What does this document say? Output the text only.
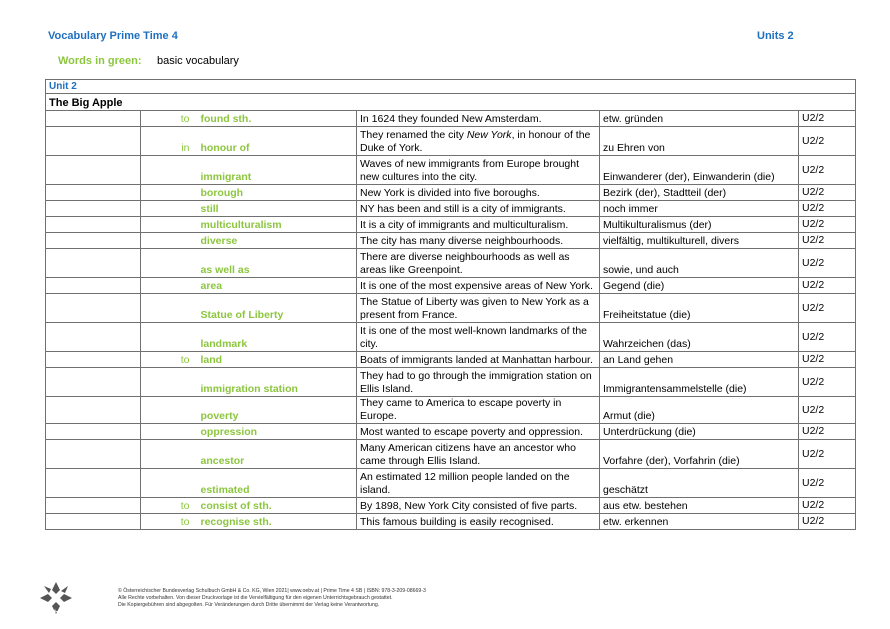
Vocabulary Prime Time 4	Units 2
Words in green: basic vocabulary
Unit 2					
The Big Apple					
	to	found sth.	In 1624 they founded New Amsterdam.	etw. gründen	U2/2
	in	honour of	They renamed the city New York, in honour of the Duke of York.	zu Ehren von	U2/2
		immigrant	Waves of new immigrants from Europe brought new cultures into the city.	Einwanderer (der), Einwanderin (die)	U2/2
		borough	New York is divided into five boroughs.	Bezirk (der), Stadtteil (der)	U2/2
		still	NY has been and still is a city of immigrants.	noch immer	U2/2
		multiculturalism	It is a city of immigrants and multiculturalism.	Multikulturalismus (der)	U2/2
		diverse	The city has many diverse neighbourhoods.	vielfältig, multikulturell, divers	U2/2
		as well as	There are diverse neighbourhoods as well as areas like Greenpoint.	sowie, und auch	U2/2
		area	It is one of the most expensive areas of New York.	Gegend (die)	U2/2
		Statue of Liberty	The Statue of Liberty was given to New York as a present from France.	Freiheitstatue (die)	U2/2
		landmark	It is one of the most well-known landmarks of the city.	Wahrzeichen (das)	U2/2
	to	land	Boats of immigrants landed at Manhattan harbour.	an Land gehen	U2/2
		immigration station	They had to go through the immigration station on Ellis Island.	Immigrantensammelstelle (die)	U2/2
		poverty	They came to America to escape poverty in Europe.	Armut (die)	U2/2
		oppression	Most wanted to escape poverty and oppression.	Unterdrückung (die)	U2/2
		ancestor	Many American citizens have an ancestor who came through Ellis Island.	Vorfahre (der), Vorfahrin (die)	U2/2
		estimated	An estimated 12 million people landed on the island.	geschätzt	U2/2
	to	consist of sth.	By 1898, New York City consisted of five parts.	aus etw. bestehen	U2/2
	to	recognise sth.	This famous building is easily recognised.	etw. erkennen	U2/2
öbv
© Österreichischer Bundesverlag Schulbuch GmbH & Co. KG, Wien 2021| www.oebv.at | Prime Time 4 SB | ISBN: 978-3-209-08669-3
Alle Rechte vorbehalten. Von dieser Druckvorlage ist die Vervielfältigung für den eigenen Unterrichtsgebrauch gestattet.
Die Kopiergebühren sind abgegolten. Für Veränderungen durch Dritte übernimmt der Verlag keine Verantwortung.
